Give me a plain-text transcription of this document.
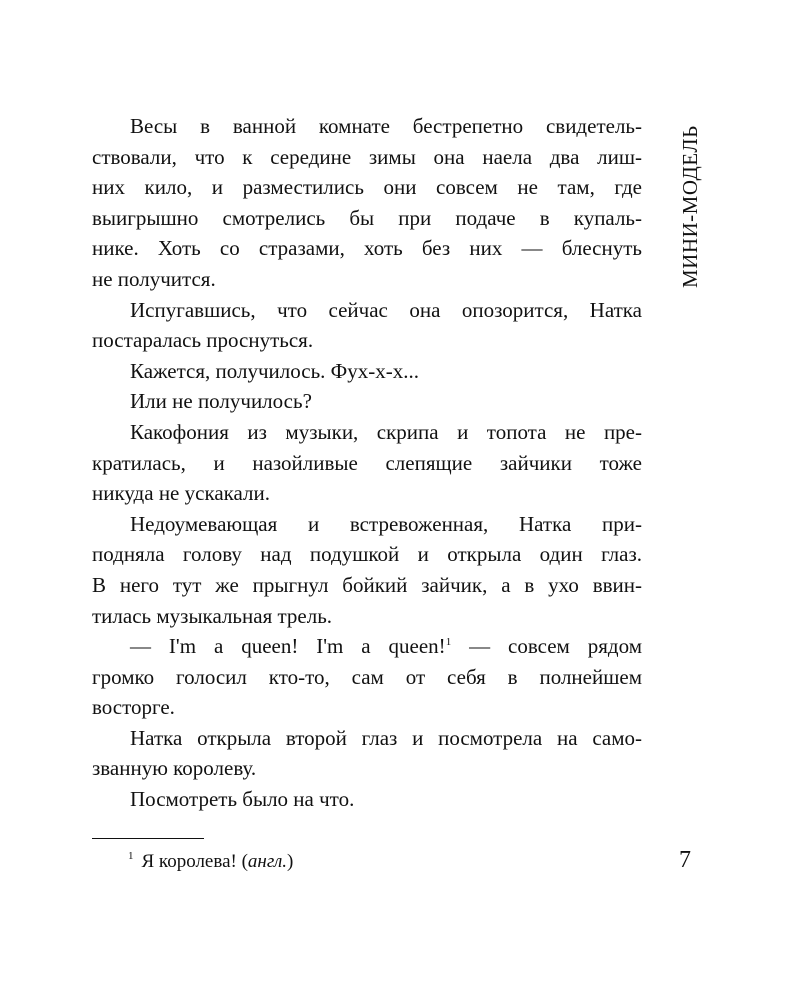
МИНИ-МОДЕЛЬ
Весы в ванной комнате бестрепетно свидетель-
ствовали, что к середине зимы она наела два лиш-
них кило, и разместились они совсем не там, где
выигрышно смотрелись бы при подаче в купаль-
нике. Хоть со стразами, хоть без них — блеснуть
не получится.
Испугавшись, что сейчас она опозорится, Натка
постаралась проснуться.
Кажется, получилось. Фух-х-х...
Или не получилось?
Какофония из музыки, скрипа и топота не пре-
кратилась, и назойливые слепящие зайчики тоже
никуда не ускакали.
Недоумевающая и встревоженная, Натка при-
подняла голову над подушкой и открыла один глаз.
В него тут же прыгнул бойкий зайчик, а в ухо ввин-
тилась музыкальная трель.
— I'm a queen! I'm a queen!$^1$ — совсем рядом
громко голосил кто-то, сам от себя в полнейшем
восторге.
Натка открыла второй глаз и посмотрела на само-
званную королеву.
Посмотреть было на что.
$^1$ Я королева! (англ.)	7
